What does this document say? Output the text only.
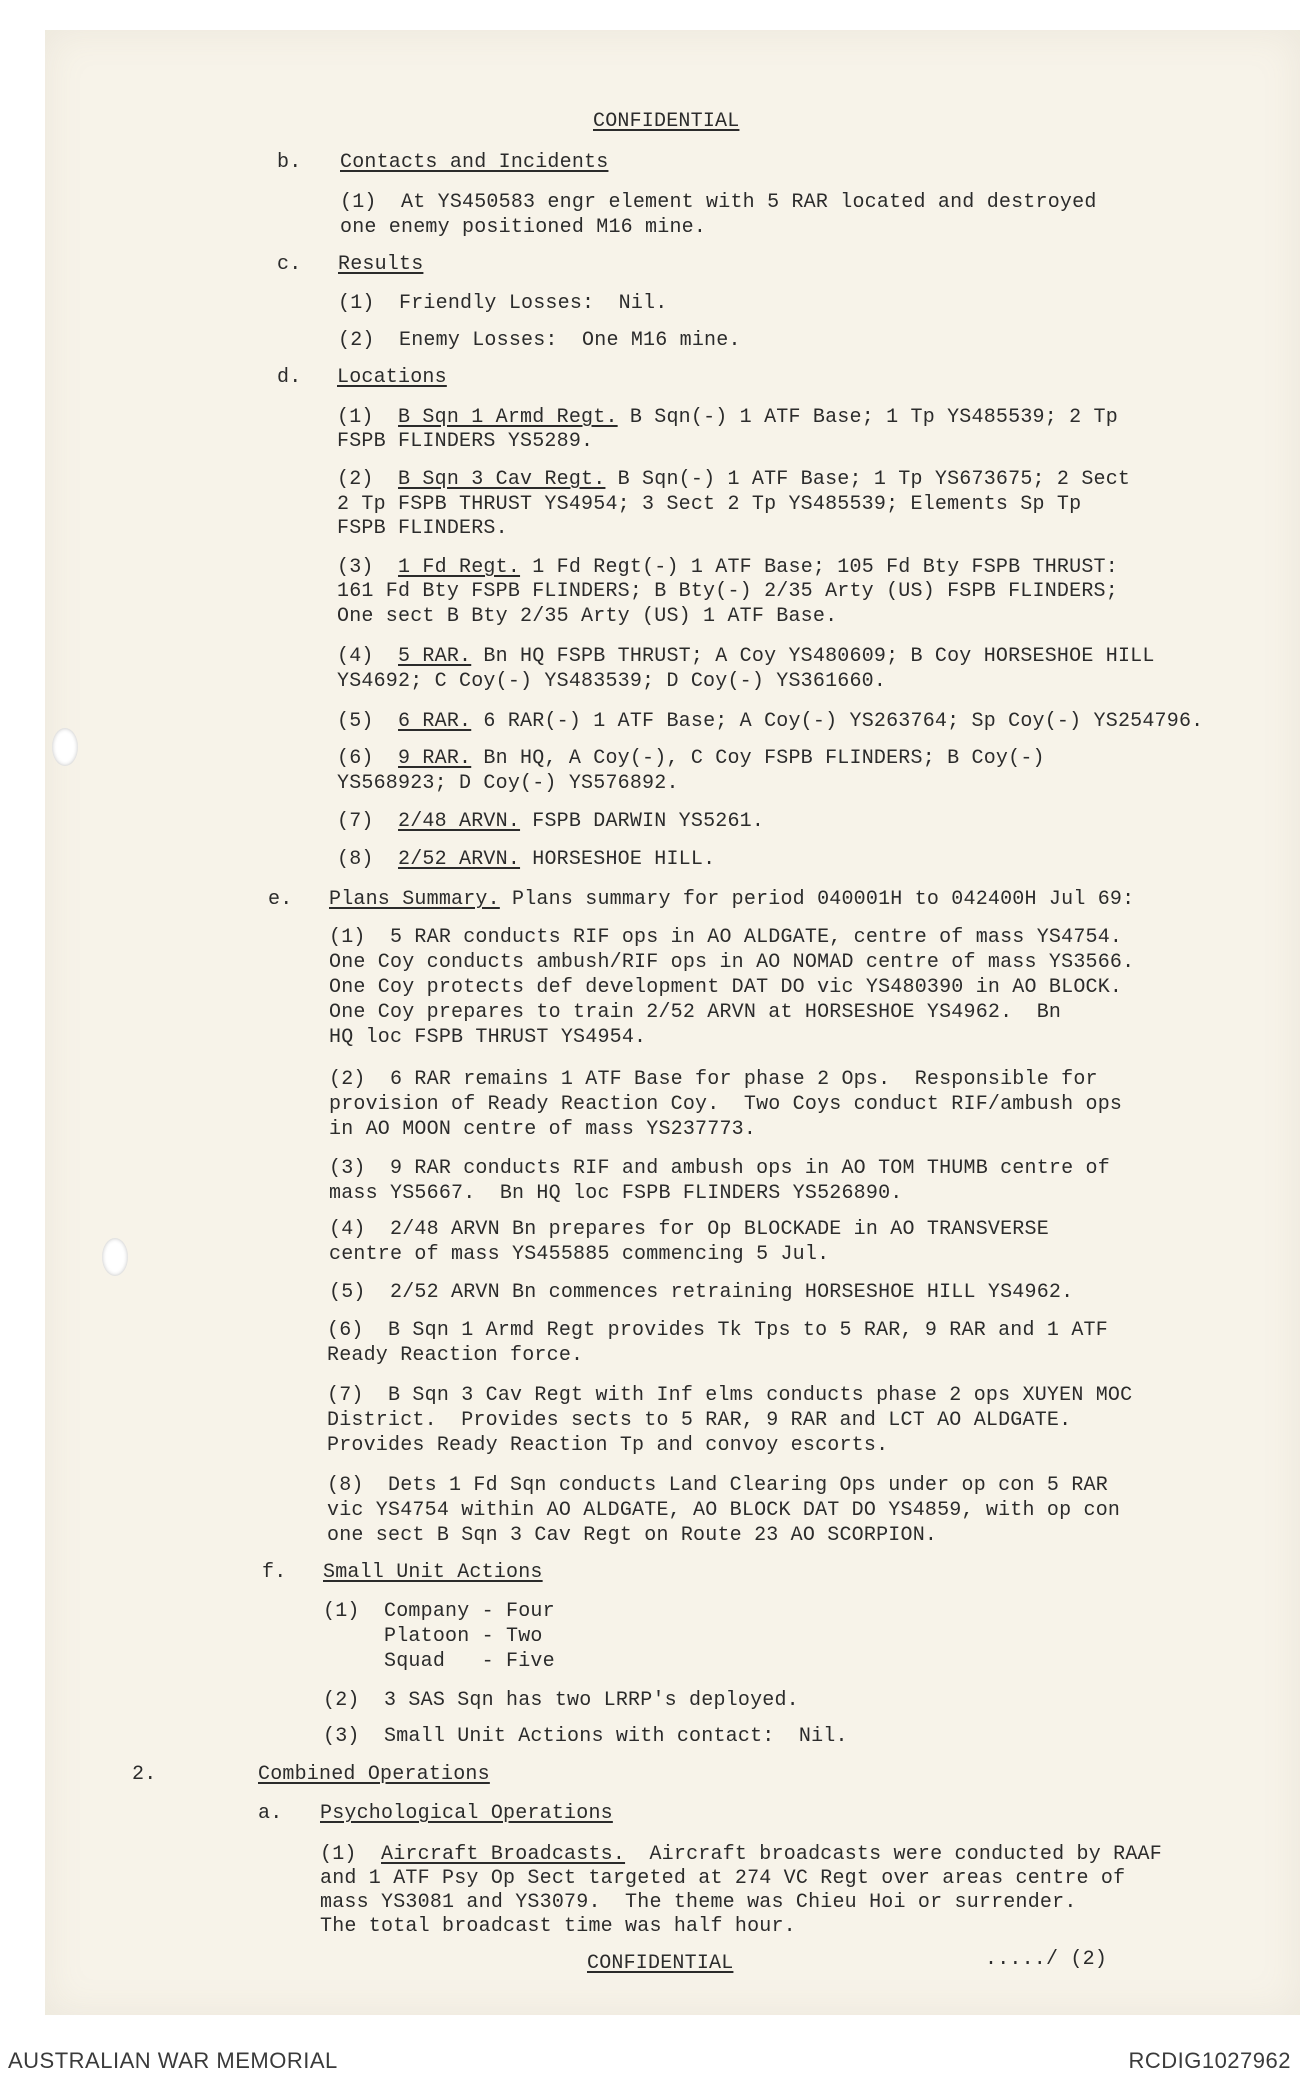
CONFIDENTIAL
b. Contacts and Incidents
(1)  At YS450583 engr element with 5 RAR located and destroyed
one enemy positioned M16 mine.
c. Results
(1)  Friendly Losses:  Nil.
(2)  Enemy Losses:  One M16 mine.
d. Locations
(1) B Sqn 1 Armd Regt. B Sqn(-) 1 ATF Base; 1 Tp YS485539; 2 Tp
FSPB FLINDERS YS5289.
(2) B Sqn 3 Cav Regt. B Sqn(-) 1 ATF Base; 1 Tp YS673675; 2 Sect
2 Tp FSPB THRUST YS4954; 3 Sect 2 Tp YS485539; Elements Sp Tp
FSPB FLINDERS.
(3) 1 Fd Regt. 1 Fd Regt(-) 1 ATF Base; 105 Fd Bty FSPB THRUST:
161 Fd Bty FSPB FLINDERS; B Bty(-) 2/35 Arty (US) FSPB FLINDERS;
One sect B Bty 2/35 Arty (US) 1 ATF Base.
(4) 5 RAR. Bn HQ FSPB THRUST; A Coy YS480609; B Coy HORSESHOE HILL
YS4692; C Coy(-) YS483539; D Coy(-) YS361660.
(5) 6 RAR. 6 RAR(-) 1 ATF Base; A Coy(-) YS263764; Sp Coy(-) YS254796.
(6) 9 RAR. Bn HQ, A Coy(-), C Coy FSPB FLINDERS; B Coy(-)
YS568923; D Coy(-) YS576892.
(7) 2/48 ARVN. FSPB DARWIN YS5261.
(8) 2/52 ARVN. HORSESHOE HILL.
e. Plans Summary. Plans summary for period 040001H to 042400H Jul 69:
(1)  5 RAR conducts RIF ops in AO ALDGATE, centre of mass YS4754.
One Coy conducts ambush/RIF ops in AO NOMAD centre of mass YS3566.
One Coy protects def development DAT DO vic YS480390 in AO BLOCK.
One Coy prepares to train 2/52 ARVN at HORSESHOE YS4962.  Bn
HQ loc FSPB THRUST YS4954.
(2)  6 RAR remains 1 ATF Base for phase 2 Ops.  Responsible for
provision of Ready Reaction Coy.  Two Coys conduct RIF/ambush ops
in AO MOON centre of mass YS237773.
(3)  9 RAR conducts RIF and ambush ops in AO TOM THUMB centre of
mass YS5667.  Bn HQ loc FSPB FLINDERS YS526890.
(4)  2/48 ARVN Bn prepares for Op BLOCKADE in AO TRANSVERSE
centre of mass YS455885 commencing 5 Jul.
(5)  2/52 ARVN Bn commences retraining HORSESHOE HILL YS4962.
(6)  B Sqn 1 Armd Regt provides Tk Tps to 5 RAR, 9 RAR and 1 ATF
Ready Reaction force.
(7)  B Sqn 3 Cav Regt with Inf elms conducts phase 2 ops XUYEN MOC
District.  Provides sects to 5 RAR, 9 RAR and LCT AO ALDGATE.
Provides Ready Reaction Tp and convoy escorts.
(8)  Dets 1 Fd Sqn conducts Land Clearing Ops under op con 5 RAR
vic YS4754 within AO ALDGATE, AO BLOCK DAT DO YS4859, with op con
one sect B Sqn 3 Cav Regt on Route 23 AO SCORPION.
f. Small Unit Actions
(1)  Company - Four
Platoon - Two
Squad   - Five
(2)  3 SAS Sqn has two LRRP's deployed.
(3)  Small Unit Actions with contact:  Nil.
2.	Combined Operations
a. Psychological Operations
(1) Aircraft Broadcasts.  Aircraft broadcasts were conducted by RAAF
and 1 ATF Psy Op Sect targeted at 274 VC Regt over areas centre of
mass YS3081 and YS3079.  The theme was Chieu Hoi or surrender.
The total broadcast time was half hour.
CONFIDENTIAL	...../ (2)
AUSTRALIAN WAR MEMORIAL	RCDIG1027962
